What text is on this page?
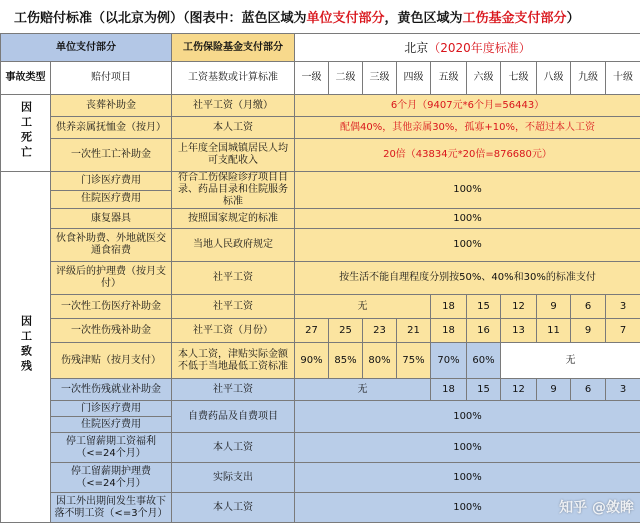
工伤赔付标准（以北京为例）（图表中：蓝色区域为 单位支付部分 ，黄色区域为 工伤基金支付部分 ）
单位支付部分		工伤保险基金支付部分	北京（2020年度标准）									
事故类型	赔付项目	工资基数或计算标准	一级	二级	三级	四级	五级	六级	七级	八级	九级	十级
因工死亡	丧葬补助金	社平工资（月缴）	6个月（9407元*6个月=56443）									
	供养亲属抚恤金（按月）	本人工资	配偶40%，其他亲属30%，孤寡+10%，不超过本人工资									
	一次性工亡补助金	上年度全国城镇居民人均可支配收入	20倍（43834元*20倍=876680元）									
因工致残	门诊医疗费用	符合工伤保险诊疗项目目录、药品目录和住院服务标准	100%									
	住院医疗费用											
	康复器具	按照国家规定的标准	100%									
	伙食补助费、外地就医交通食宿费	当地人民政府规定	100%									
	评级后的护理费（按月支付）	社平工资	按生活不能自理程度分别按50%、40%和30%的标准支付									
	一次性工伤医疗补助金	社平工资	无				18	15	12	9	6	3
	一次性伤残补助金	社平工资（月份）	27	25	23	21	18	16	13	11	9	7
	伤残津贴（按月支付）	本人工资，津贴实际金额不低于当地最低工资标准	90%	85%	80%	75%	70%	60%	无			
	一次性伤残就业补助金	社平工资	无				18	15	12	9	6	3
	门诊医疗费用	自费药品及自费项目	100%									
	住院医疗费用											
	停工留薪期工资福利（<=24个月）	本人工资	100%									
	停工留薪期护理费（<=24个月）	实际支出	100%									
	因工外出期间发生事故下落不明工资（<=3个月）	本人工资	100%										知乎 @敛眸
